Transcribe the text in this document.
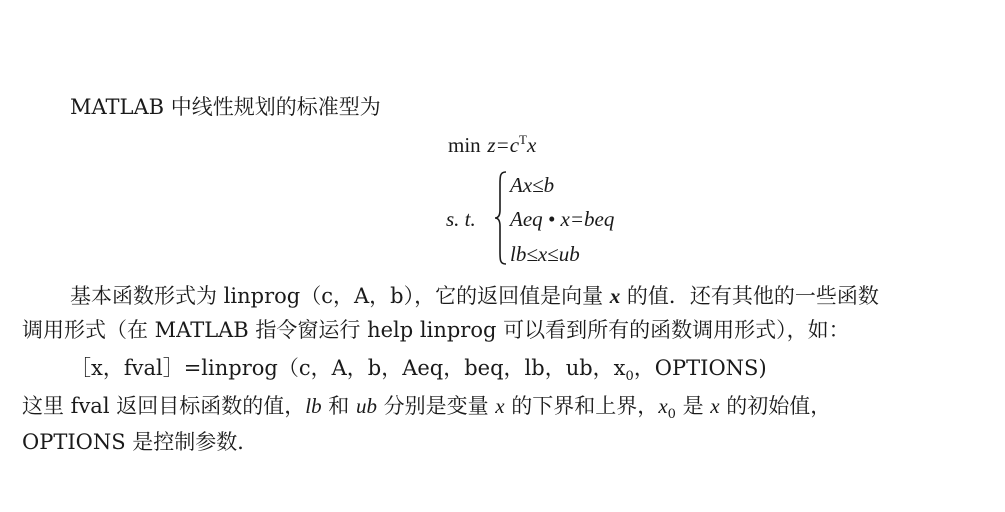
MATLAB 中线性规划的标准型为
$\min z=c^Tx$
s. t.
Ax≤b
Aeq • x=beq
lb≤x≤ub
基本函数形式为 linprog（c，A，b），它的返回值是向量 x 的值．还有其他的一些函数
调用形式（在 MATLAB 指令窗运行 help linprog 可以看到所有的函数调用形式），如：
［x，fval］=linprog（c，A，b，Aeq，beq，lb，ub，$x_0$，OPTIONS)
这里 fval 返回目标函数的值，lb 和 ub 分别是变量 x 的下界和上界，$x_0$ 是 x 的初始值，
OPTIONS 是控制参数．
